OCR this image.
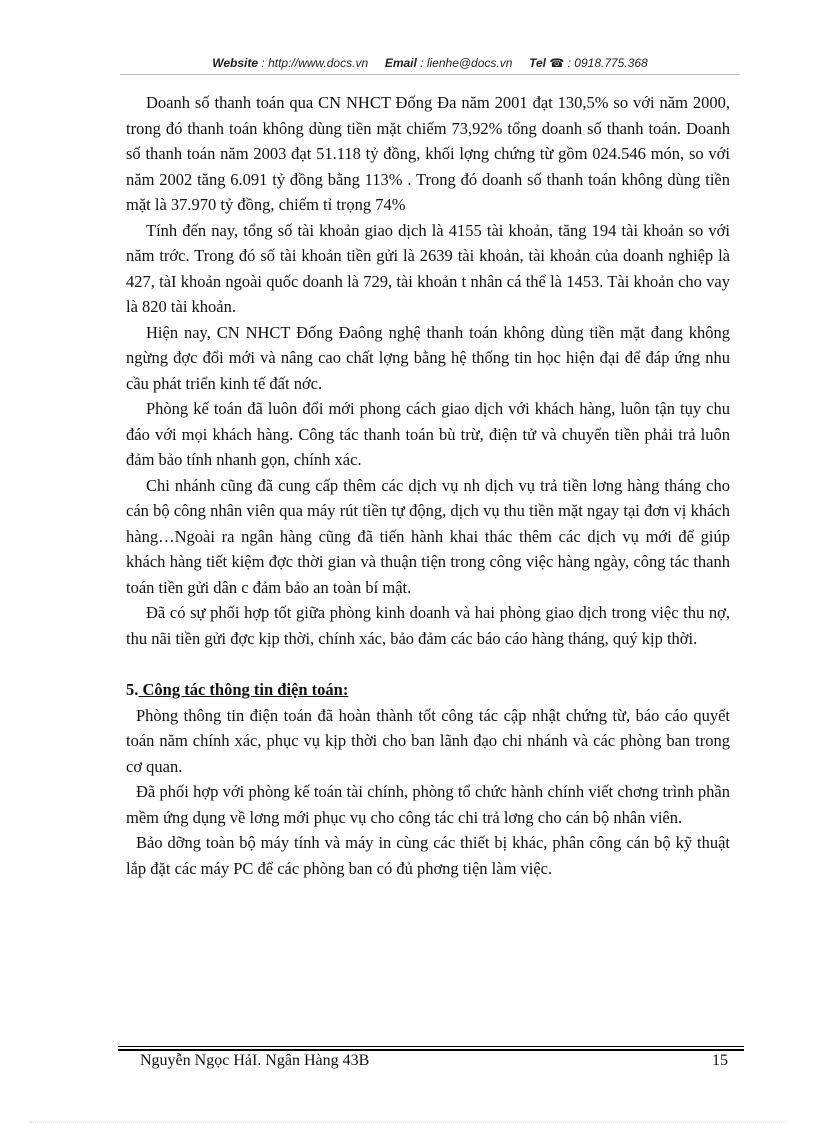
Website : http://www.docs.vn Email : lienhe@docs.vn Tel ☎ : 0918.775.368

Doanh số thanh toán qua CN NHCT Đống Đa năm 2001 đạt 130,5% so với năm 2000, trong đó thanh toán không dùng tiền mặt chiếm 73,92% tổng doanh số thanh toán. Doanh số thanh toán năm 2003 đạt 51.118 tỷ đồng, khối lợng chứng từ gồm 024.546 món, so với năm 2002 tăng 6.091 tỷ đồng bằng 113% . Trong đó doanh số thanh toán không dùng tiền mặt là 37.970 tỷ đồng, chiếm tỉ trọng 74%

Tính đến nay, tổng số tài khoản giao dịch là 4155 tài khoản, tăng 194 tài khoản so với năm trớc. Trong đó số tài khoản tiền gửi là 2639 tài khoản, tài khoản của doanh nghiệp là 427, tàI khoản ngoài quốc doanh là 729, tài khoản t nhân cá thể là 1453. Tài khoản cho vay là 820 tài khoản.

Hiện nay, CN NHCT Đống Đaông nghệ thanh toán không dùng tiền mặt đang không ngừng đợc đổi mới và nâng cao chất lợng bằng hệ thống tin học hiện đại để đáp ứng nhu cầu phát triển kinh tế đất nớc.

Phòng kế toán đã luôn đổi mới phong cách giao dịch với khách hàng, luôn tận tụy chu đáo với mọi khách hàng. Công tác thanh toán bù trừ, điện tử và chuyển tiền phải trả luôn đảm bảo tính nhanh gọn, chính xác.

Chi nhánh cũng đã cung cấp thêm các dịch vụ nh dịch vụ trả tiền lơng hàng tháng cho cán bộ công nhân viên qua máy rút tiền tự động, dịch vụ thu tiền mặt ngay tại đơn vị khách hàng…Ngoài ra ngân hàng cũng đã tiến hành khai thác thêm các dịch vụ mới để giúp khách hàng tiết kiệm đợc thời gian và thuận tiện trong công việc hàng ngày, công tác thanh toán tiền gửi dân c đảm bảo an toàn bí mật.

Đã có sự phối hợp tốt giữa phòng kinh doanh và hai phòng giao dịch trong việc thu nợ, thu nãi tiền gửi đợc kịp thời, chính xác, bảo đảm các báo cáo hàng tháng, quý kịp thời.

5. Công tác thông tin điện toán:

Phòng thông tin điện toán đã hoàn thành tốt công tác cập nhật chứng từ, báo cáo quyết toán năm chính xác, phục vụ kịp thời cho ban lãnh đạo chi nhánh và các phòng ban trong cơ quan.

Đã phối hợp với phòng kế toán tài chính, phòng tổ chức hành chính viết chơng trình phần mềm ứng dụng về lơng mới phục vụ cho công tác chi trả lơng cho cán bộ nhân viên.

Bảo dỡng toàn bộ máy tính và máy in cùng các thiết bị khác, phân công cán bộ kỹ thuật lắp đặt các máy PC để các phòng ban có đủ phơng tiện làm việc.

Nguyễn Ngọc HảI. Ngân Hàng 43B	15
